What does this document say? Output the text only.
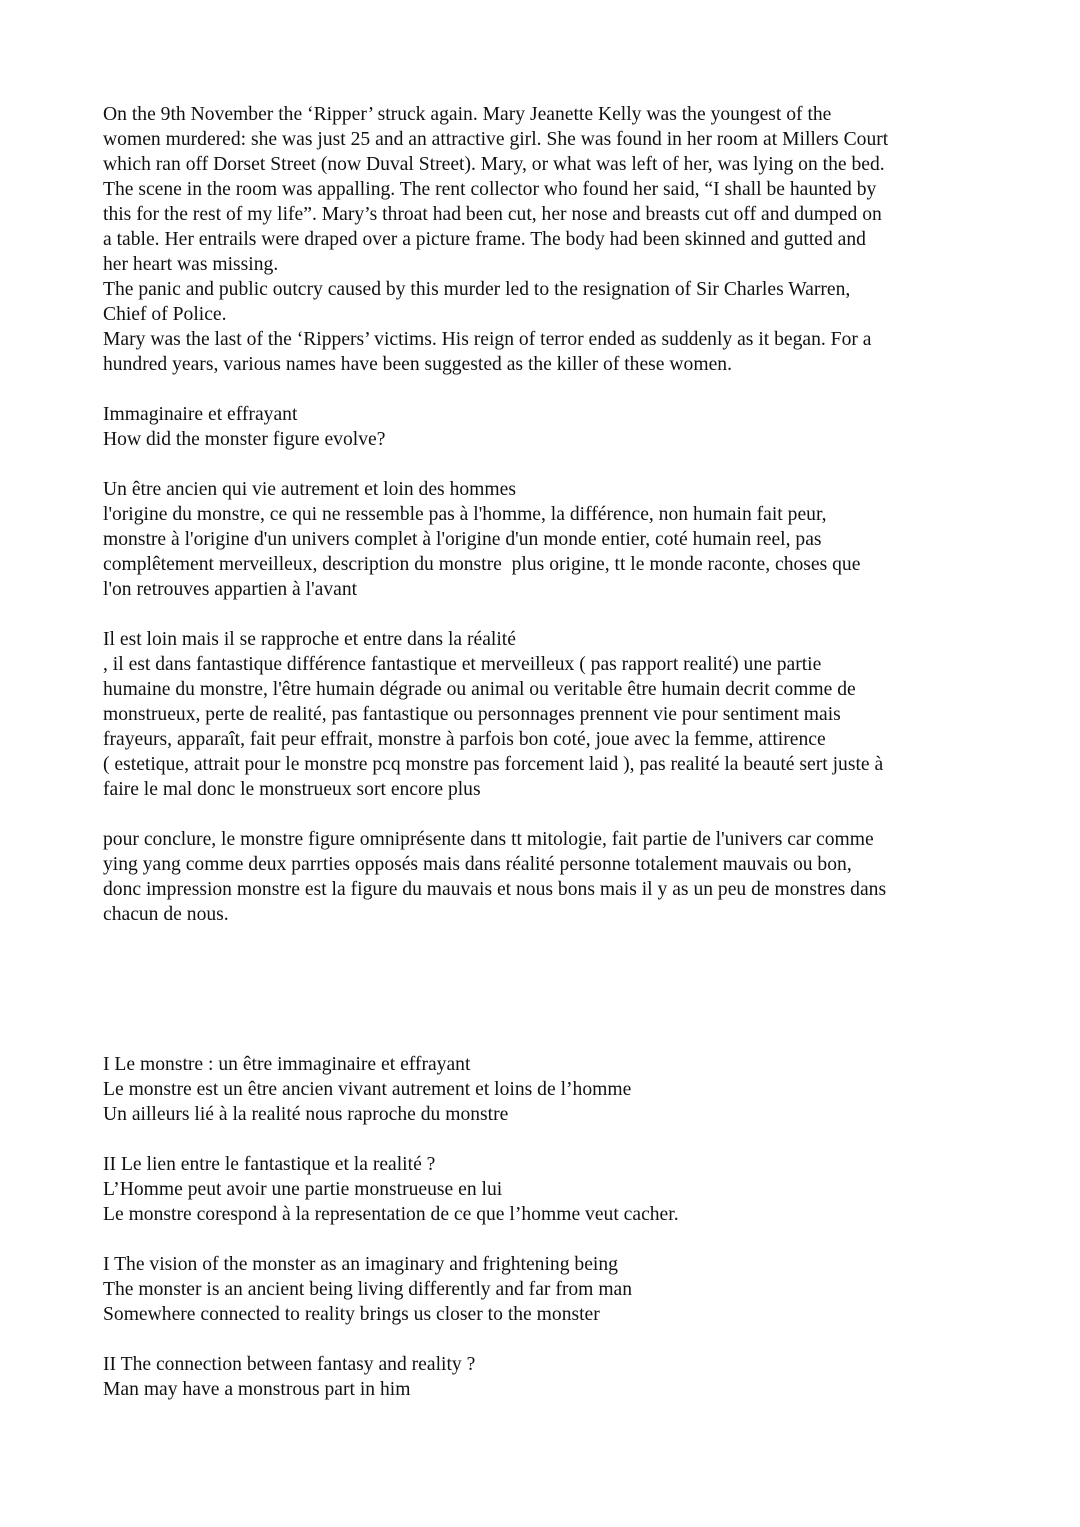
On the 9th November the ‘Ripper’ struck again. Mary Jeanette Kelly was the youngest of the
women murdered: she was just 25 and an attractive girl. She was found in her room at Millers Court
which ran off Dorset Street (now Duval Street). Mary, or what was left of her, was lying on the bed.
The scene in the room was appalling. The rent collector who found her said, “I shall be haunted by
this for the rest of my life”. Mary’s throat had been cut, her nose and breasts cut off and dumped on
a table. Her entrails were draped over a picture frame. The body had been skinned and gutted and
her heart was missing.
The panic and public outcry caused by this murder led to the resignation of Sir Charles Warren,
Chief of Police.
Mary was the last of the ‘Rippers’ victims. His reign of terror ended as suddenly as it began. For a
hundred years, various names have been suggested as the killer of these women.
Immaginaire et effrayant
How did the monster figure evolve?
Un être ancien qui vie autrement et loin des hommes
l'origine du monstre, ce qui ne ressemble pas à l'homme, la différence, non humain fait peur,
monstre à l'origine d'un univers complet à l'origine d'un monde entier, coté humain reel, pas
complêtement merveilleux, description du monstre  plus origine, tt le monde raconte, choses que
l'on retrouves appartien à l'avant
Il est loin mais il se rapproche et entre dans la réalité
, il est dans fantastique différence fantastique et merveilleux ( pas rapport realité) une partie
humaine du monstre, l'être humain dégrade ou animal ou veritable être humain decrit comme de
monstrueux, perte de realité, pas fantastique ou personnages prennent vie pour sentiment mais
frayeurs, apparaît, fait peur effrait, monstre à parfois bon coté, joue avec la femme, attirence
( estetique, attrait pour le monstre pcq monstre pas forcement laid ), pas realité la beauté sert juste à
faire le mal donc le monstrueux sort encore plus
pour conclure, le monstre figure omniprésente dans tt mitologie, fait partie de l'univers car comme
ying yang comme deux parrties opposés mais dans réalité personne totalement mauvais ou bon,
donc impression monstre est la figure du mauvais et nous bons mais il y as un peu de monstres dans
chacun de nous.
I Le monstre : un être immaginaire et effrayant
Le monstre est un être ancien vivant autrement et loins de l’homme
Un ailleurs lié à la realité nous raproche du monstre
II Le lien entre le fantastique et la realité ?
L’Homme peut avoir une partie monstrueuse en lui
Le monstre corespond à la representation de ce que l’homme veut cacher.
I The vision of the monster as an imaginary and frightening being
The monster is an ancient being living differently and far from man
Somewhere connected to reality brings us closer to the monster
II The connection between fantasy and reality ?
Man may have a monstrous part in him
